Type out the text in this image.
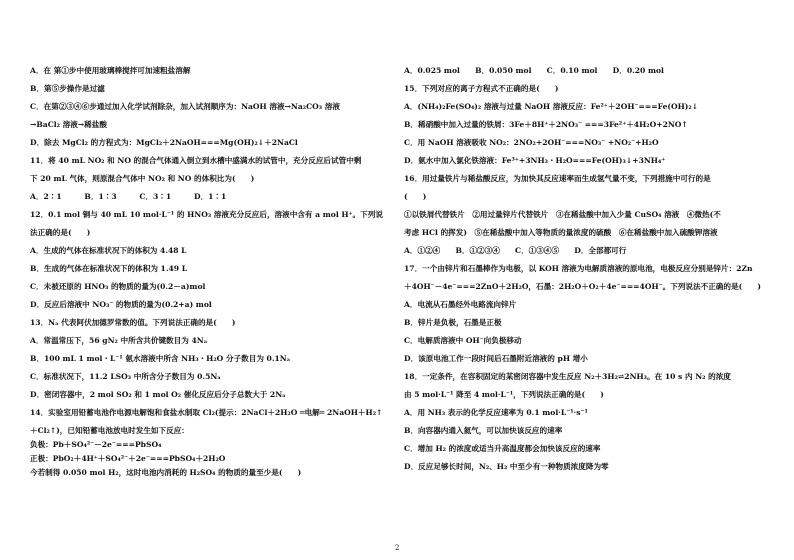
A．在 第①步中使用玻璃棒搅拌可加速粗盐溶解
B．第⑤步操作是过滤
C．在第②③④⑥步通过加入化学试剂除杂，加入试剂顺序为：NaOH 溶液→Na₂CO₃ 溶液
→BaCl₂ 溶液→稀盐酸
D．除去 MgCl₂ 的方程式为：MgCl₂＋2NaOH===Mg(OH)₂↓＋2NaCl
11．将 40 mL NO₂ 和 NO 的混合气体通入倒立到水槽中盛满水的试管中，充分反应后试管中剩
下 20 mL 气体，则原混合气体中 NO₂ 和 NO 的体积比为(　　)
A．2∶1　　　B．1∶3　　　C．3∶1　　　D．1∶1
12．0.1 mol 铜与 40 mL 10 mol·L⁻¹ 的 HNO₃ 溶液充分反应后，溶液中含有 a mol H⁺。下列说
法正确的是(　　)
A．生成的气体在标准状况下的体积为 4.48 L
B．生成的气体在标准状况下的体积为 1.49 L
C．未被还原的 HNO₃ 的物质的量为(0.2－a)mol
D．反应后溶液中 NO₃⁻ 的物质的量为(0.2+a) mol
13．Nₐ 代表阿伏加德罗常数的值。下列说法正确的是(　　)
A．常温常压下，56 gN₂ 中所含共价键数目为 4Nₐ
B．100 mL 1 mol・L⁻¹ 氨水溶液中所含 NH₃・H₂O 分子数目为 0.1Nₐ
C．标准状况下，11.2 LSO₃ 中所含分子数目为 0.5Nₐ
D．密闭容器中，2 mol SO₂ 和 1 mol O₂ 催化反应后分子总数大于 2Nₐ
14．实验室用铅蓄电池作电源电解饱和食盐水制取 Cl₂(提示：2NaCl＋2H₂O ═电解═ 2NaOH＋H₂↑
＋Cl₂↑)，已知铅蓄电池放电时发生如下反应：
负极：Pb＋SO₄²⁻－2e⁻===PbSO₄
正极：PbO₂＋4H⁺＋SO₄²⁻＋2e⁻===PbSO₄＋2H₂O
今若制得 0.050 mol H₂，这时电池内消耗的 H₂SO₄ 的物质的量至少是(　　)
A．0.025 mol　　B．0.050 mol　　C．0.10 mol　　D．0.20 mol
15．下列对应的离子方程式不正确的是(　　)
A．(NH₄)₂Fe(SO₄)₂ 溶液与过量 NaOH 溶液反应：Fe²⁺＋2OH⁻===Fe(OH)₂↓
B．稀硝酸中加入过量的铁屑：3Fe＋8H⁺＋2NO₃⁻ ===3Fe²⁺＋4H₂O+2NO↑
C．用 NaOH 溶液吸收 NO₂：2NO₂+2OH⁻===NO₃⁻ +NO₂⁻+H₂O
D．氨水中加入氯化铁溶液：Fe³⁺+3NH₃・H₂O===Fe(OH)₃↓+3NH₄⁺
16．用过量铁片与稀盐酸反应，为加快其反应速率而生成氢气量不变，下列措施中可行的是
(　　)
①以铁屑代替铁片　②用过量锌片代替铁片　③在稀盐酸中加入少量 CuSO₄ 溶液　④微热(不
考虑 HCl 的挥发)　⑤在稀盐酸中加入等物质的量浓度的硫酸　⑥在稀盐酸中加入硫酸钾溶液
A．①②④　　B．①②③④　　C．①③④⑤　　D．全部都可行
17．一个由锌片和石墨棒作为电极，以 KOH 溶液为电解质溶液的原电池，电极反应分别是锌片：2Zn
＋4OH⁻－4e⁻===2ZnO＋2H₂O，石墨：2H₂O＋O₂＋4e⁻===4OH⁻。下列说法不正确的是(　　)
A．电流从石墨经外电路流向锌片
B．锌片是负极，石墨是正极
C．电解质溶液中 OH⁻向负极移动
D．该原电池工作一段时间后石墨附近溶液的 pH 增小
18．一定条件，在容积固定的某密闭容器中发生反应 N₂＋3H₂⇌2NH₃。在 10 s 内 N₂ 的浓度
由 5 mol·L⁻¹ 降至 4 mol·L⁻¹，下列说法正确的是(　　)
A．用 NH₃ 表示的化学反应速率为 0.1 mol·L⁻¹·s⁻¹
B．向容器内通入氦气，可以加快该反应的速率
C．增加 H₂ 的浓度或适当升高温度都会加快该反应的速率
D．反应足够长时间，N₂、H₂ 中至少有一种物质浓度降为零
2
